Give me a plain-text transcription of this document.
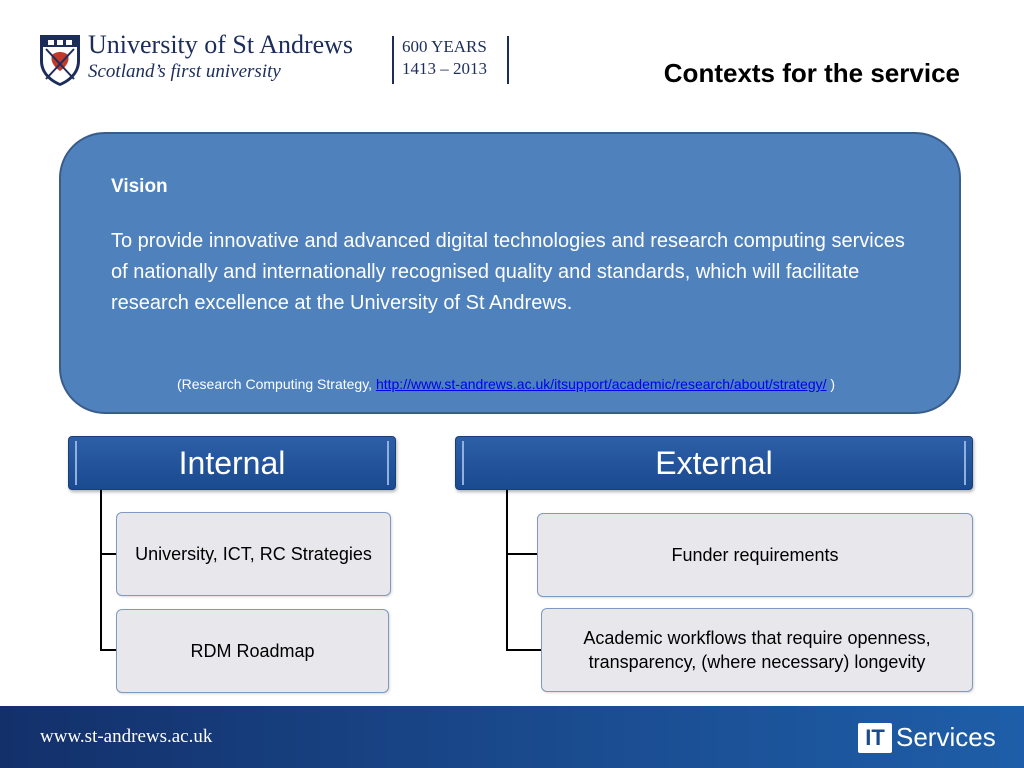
University of St Andrews
Scotland’s first university
600 YEARS
1413 – 2013	Contexts for the service
Vision
To provide innovative and advanced digital technologies and research computing services of nationally and internationally recognised quality and standards, which will facilitate research excellence at the University of St Andrews.
(Research Computing Strategy, http://www.st-andrews.ac.uk/itsupport/academic/research/about/strategy/ )
Internal
University, ICT, RC Strategies
RDM Roadmap
External
Funder requirements
Academic workflows that require openness, transparency, (where necessary) longevity
www.st-andrews.ac.uk	IT Services
